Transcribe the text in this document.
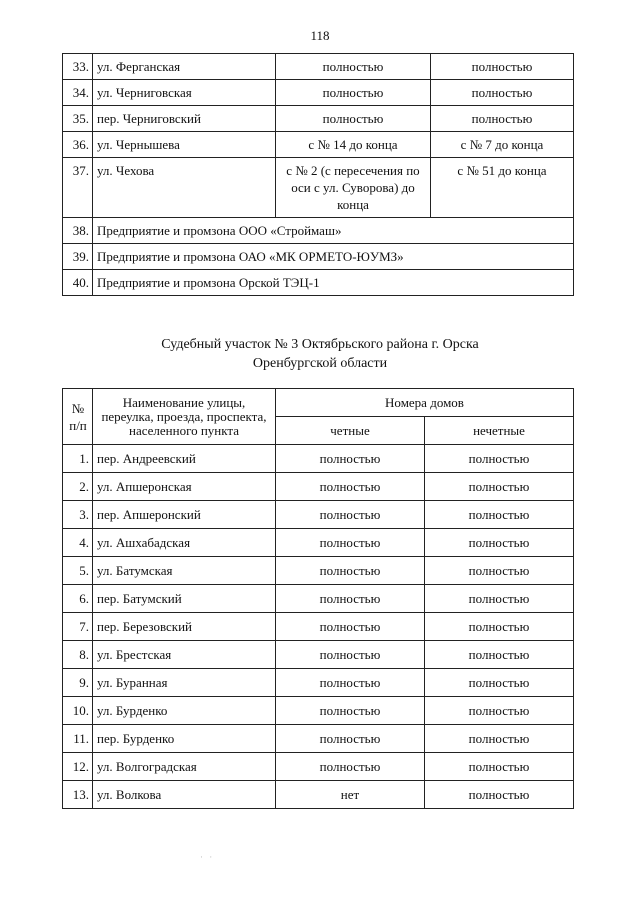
118
33.	ул. Ферганская	полностью	полностью
34.	ул. Черниговская	полностью	полностью
35.	пер. Черниговский	полностью	полностью
36.	ул. Чернышева	с № 14 до конца	с № 7 до конца
37.	ул. Чехова	с № 2 (с пересечения по оси с ул. Суворова) до конца	с № 51 до конца
38.	Предприятие и промзона ООО «Строймаш»		
39.	Предприятие и промзона ОАО «МК ОРМЕТО-ЮУМЗ»		
40.	Предприятие и промзона Орской ТЭЦ-1		
Судебный участок № 3 Октябрьского района г. Орска
Оренбургской области
№ п/п	Наименование улицы, переулка, проезда, проспекта, населенного пункта	Номера домов	
		четные	нечетные
1.	пер. Андреевский	полностью	полностью
2.	ул. Апшеронская	полностью	полностью
3.	пер. Апшеронский	полностью	полностью
4.	ул. Ашхабадская	полностью	полностью
5.	ул. Батумская	полностью	полностью
6.	пер. Батумский	полностью	полностью
7.	пер. Березовский	полностью	полностью
8.	ул. Брестская	полностью	полностью
9.	ул. Буранная	полностью	полностью
10.	ул. Бурденко	полностью	полностью
11.	пер. Бурденко	полностью	полностью
12.	ул. Волгоградская	полностью	полностью
13.	ул. Волкова	нет	полностью
·   ·
